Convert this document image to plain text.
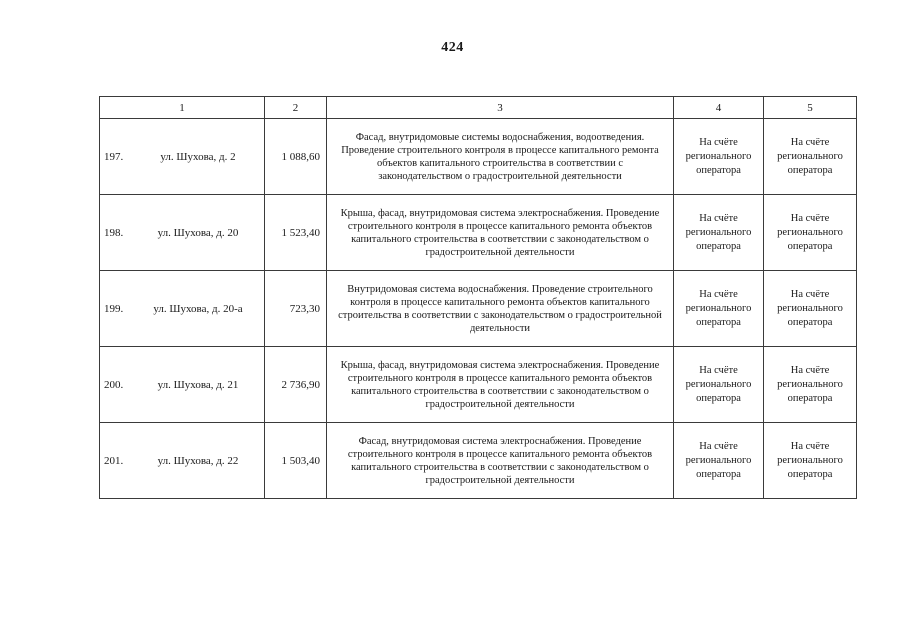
424
1	2	3	4	5

197. ул. Шухова, д. 2	1 088,60	Фасад, внутридомовые системы водоснабжения, водоотведения. Проведение строительного контроля в процессе капитального ремонта объектов капитального строительства в соответствии с законодательством о градостроительной деятельности	На счёте регионального оператора	На счёте регионального оператора

198. ул. Шухова, д. 20	1 523,40	Крыша, фасад, внутридомовая система электроснабжения. Проведение строительного контроля в процессе капитального ремонта объектов капитального строительства в соответствии с законодательством о градостроительной деятельности	На счёте регионального оператора	На счёте регионального оператора

199. ул. Шухова, д. 20-а	723,30	Внутридомовая система водоснабжения. Проведение строительного контроля в процессе капитального ремонта объектов капитального строительства в соответствии с законодательством о градостроительной деятельности	На счёте регионального оператора	На счёте регионального оператора

200. ул. Шухова, д. 21	2 736,90	Крыша, фасад, внутридомовая система электроснабжения. Проведение строительного контроля в процессе капитального ремонта объектов капитального строительства в соответствии с законодательством о градостроительной деятельности	На счёте регионального оператора	На счёте регионального оператора

201. ул. Шухова, д. 22	1 503,40	Фасад, внутридомовая система электроснабжения. Проведение строительного контроля в процессе капитального ремонта объектов капитального строительства в соответствии с законодательством о градостроительной деятельности	На счёте регионального оператора	На счёте регионального оператора
